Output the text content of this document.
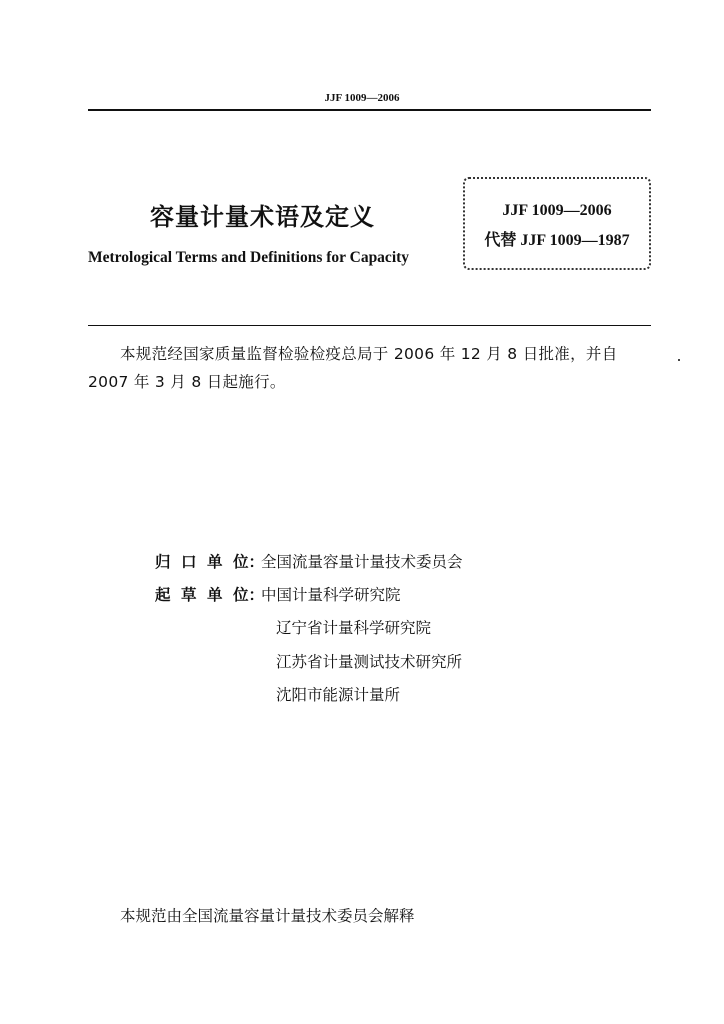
JJF 1009—2006
容量计量术语及定义
Metrological Terms and Definitions for Capacity
JJF 1009—2006
代替 JJF 1009—1987
本规范经国家质量监督检验检疫总局于 2006 年 12 月 8 日批准，并自 2007 年 3 月 8 日起施行。
归 口 单 位：全国流量容量计量技术委员会
起 草 单 位：中国计量科学研究院
辽宁省计量科学研究院
江苏省计量测试技术研究所
沈阳市能源计量所
本规范由全国流量容量计量技术委员会解释
